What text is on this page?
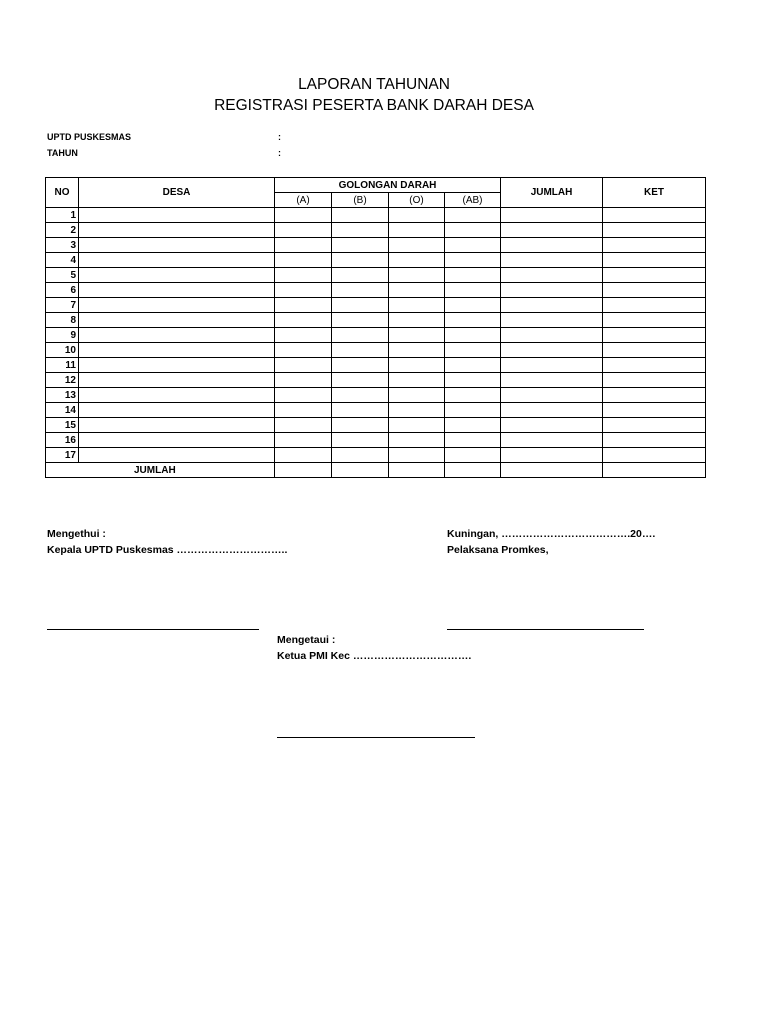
LAPORAN TAHUNAN
REGISTRASI PESERTA BANK DARAH DESA
UPTD PUSKESMAS	:
TAHUN	:
NO	DESA	GOLONGAN DARAH				JUMLAH	KET
		(A)	(B)	(O)	(AB)		
1							
2							
3							
4							
5							
6							
7							
8							
9							
10							
11							
12							
13							
14							
15							
16							
17							
JUMLAH							
Mengethui :
Kepala UPTD Puskesmas …………………………..
Kuningan, ……………………………….20….
Pelaksana Promkes,
Mengetaui :
Ketua PMI Kec …………………………….
